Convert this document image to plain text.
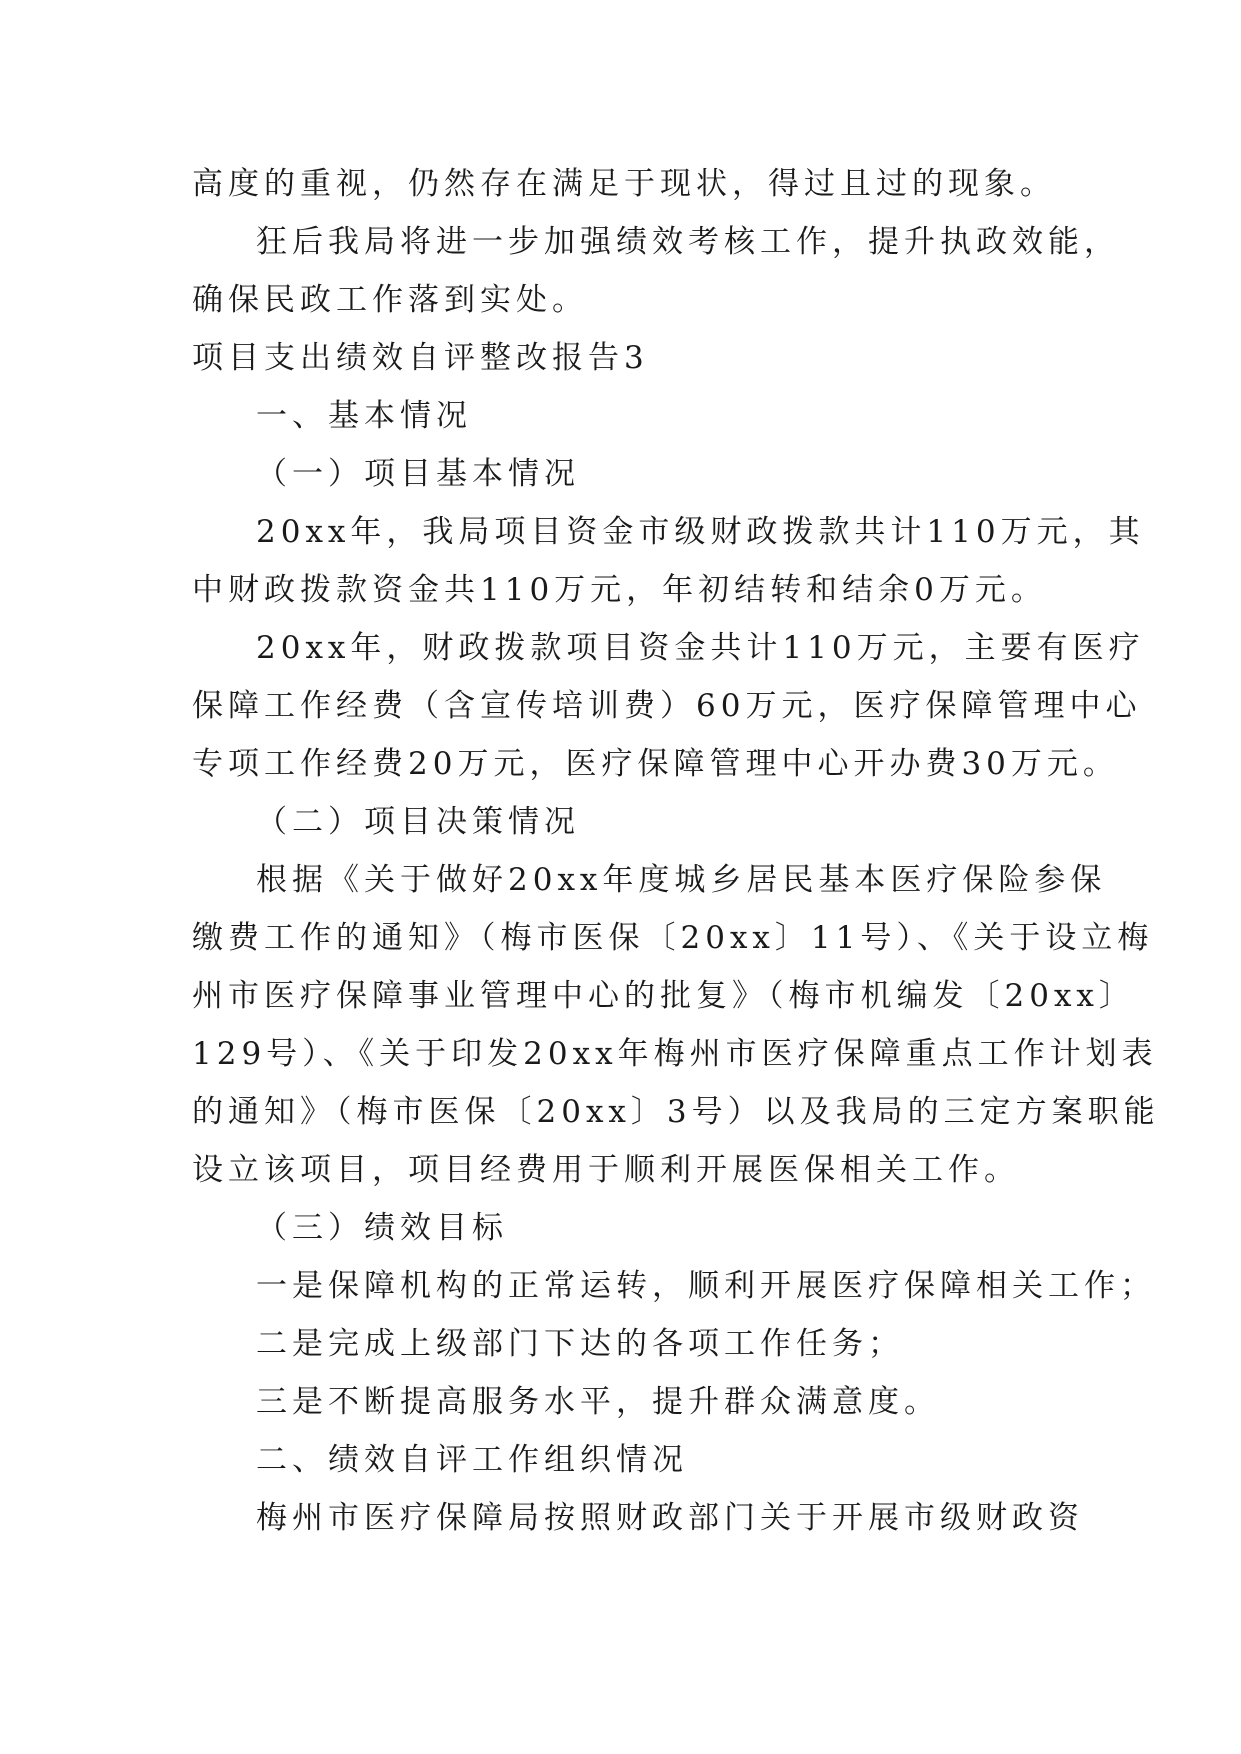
高度的重视，仍然存在满足于现状，得过且过的现象。
狂后我局将进一步加强绩效考核工作，提升执政效能，
确保民政工作落到实处。
项目支出绩效自评整改报告3
一、基本情况
（一）项目基本情况
20xx年，我局项目资金市级财政拨款共计110万元，其
中财政拨款资金共110万元，年初结转和结余0万元。
20xx年，财政拨款项目资金共计110万元，主要有医疗
保障工作经费（含宣传培训费）60万元，医疗保障管理中心
专项工作经费20万元，医疗保障管理中心开办费30万元。
（二）项目决策情况
根据《关于做好20xx年度城乡居民基本医疗保险参保
缴费工作的通知》（梅市医保〔20xx〕11号）、《关于设立梅
州市医疗保障事业管理中心的批复》（梅市机编发〔20xx〕
129号）、《关于印发20xx年梅州市医疗保障重点工作计划表
的通知》（梅市医保〔20xx〕3号）以及我局的三定方案职能
设立该项目，项目经费用于顺利开展医保相关工作。
（三）绩效目标
一是保障机构的正常运转，顺利开展医疗保障相关工作；
二是完成上级部门下达的各项工作任务；
三是不断提高服务水平，提升群众满意度。
二、绩效自评工作组织情况
梅州市医疗保障局按照财政部门关于开展市级财政资
